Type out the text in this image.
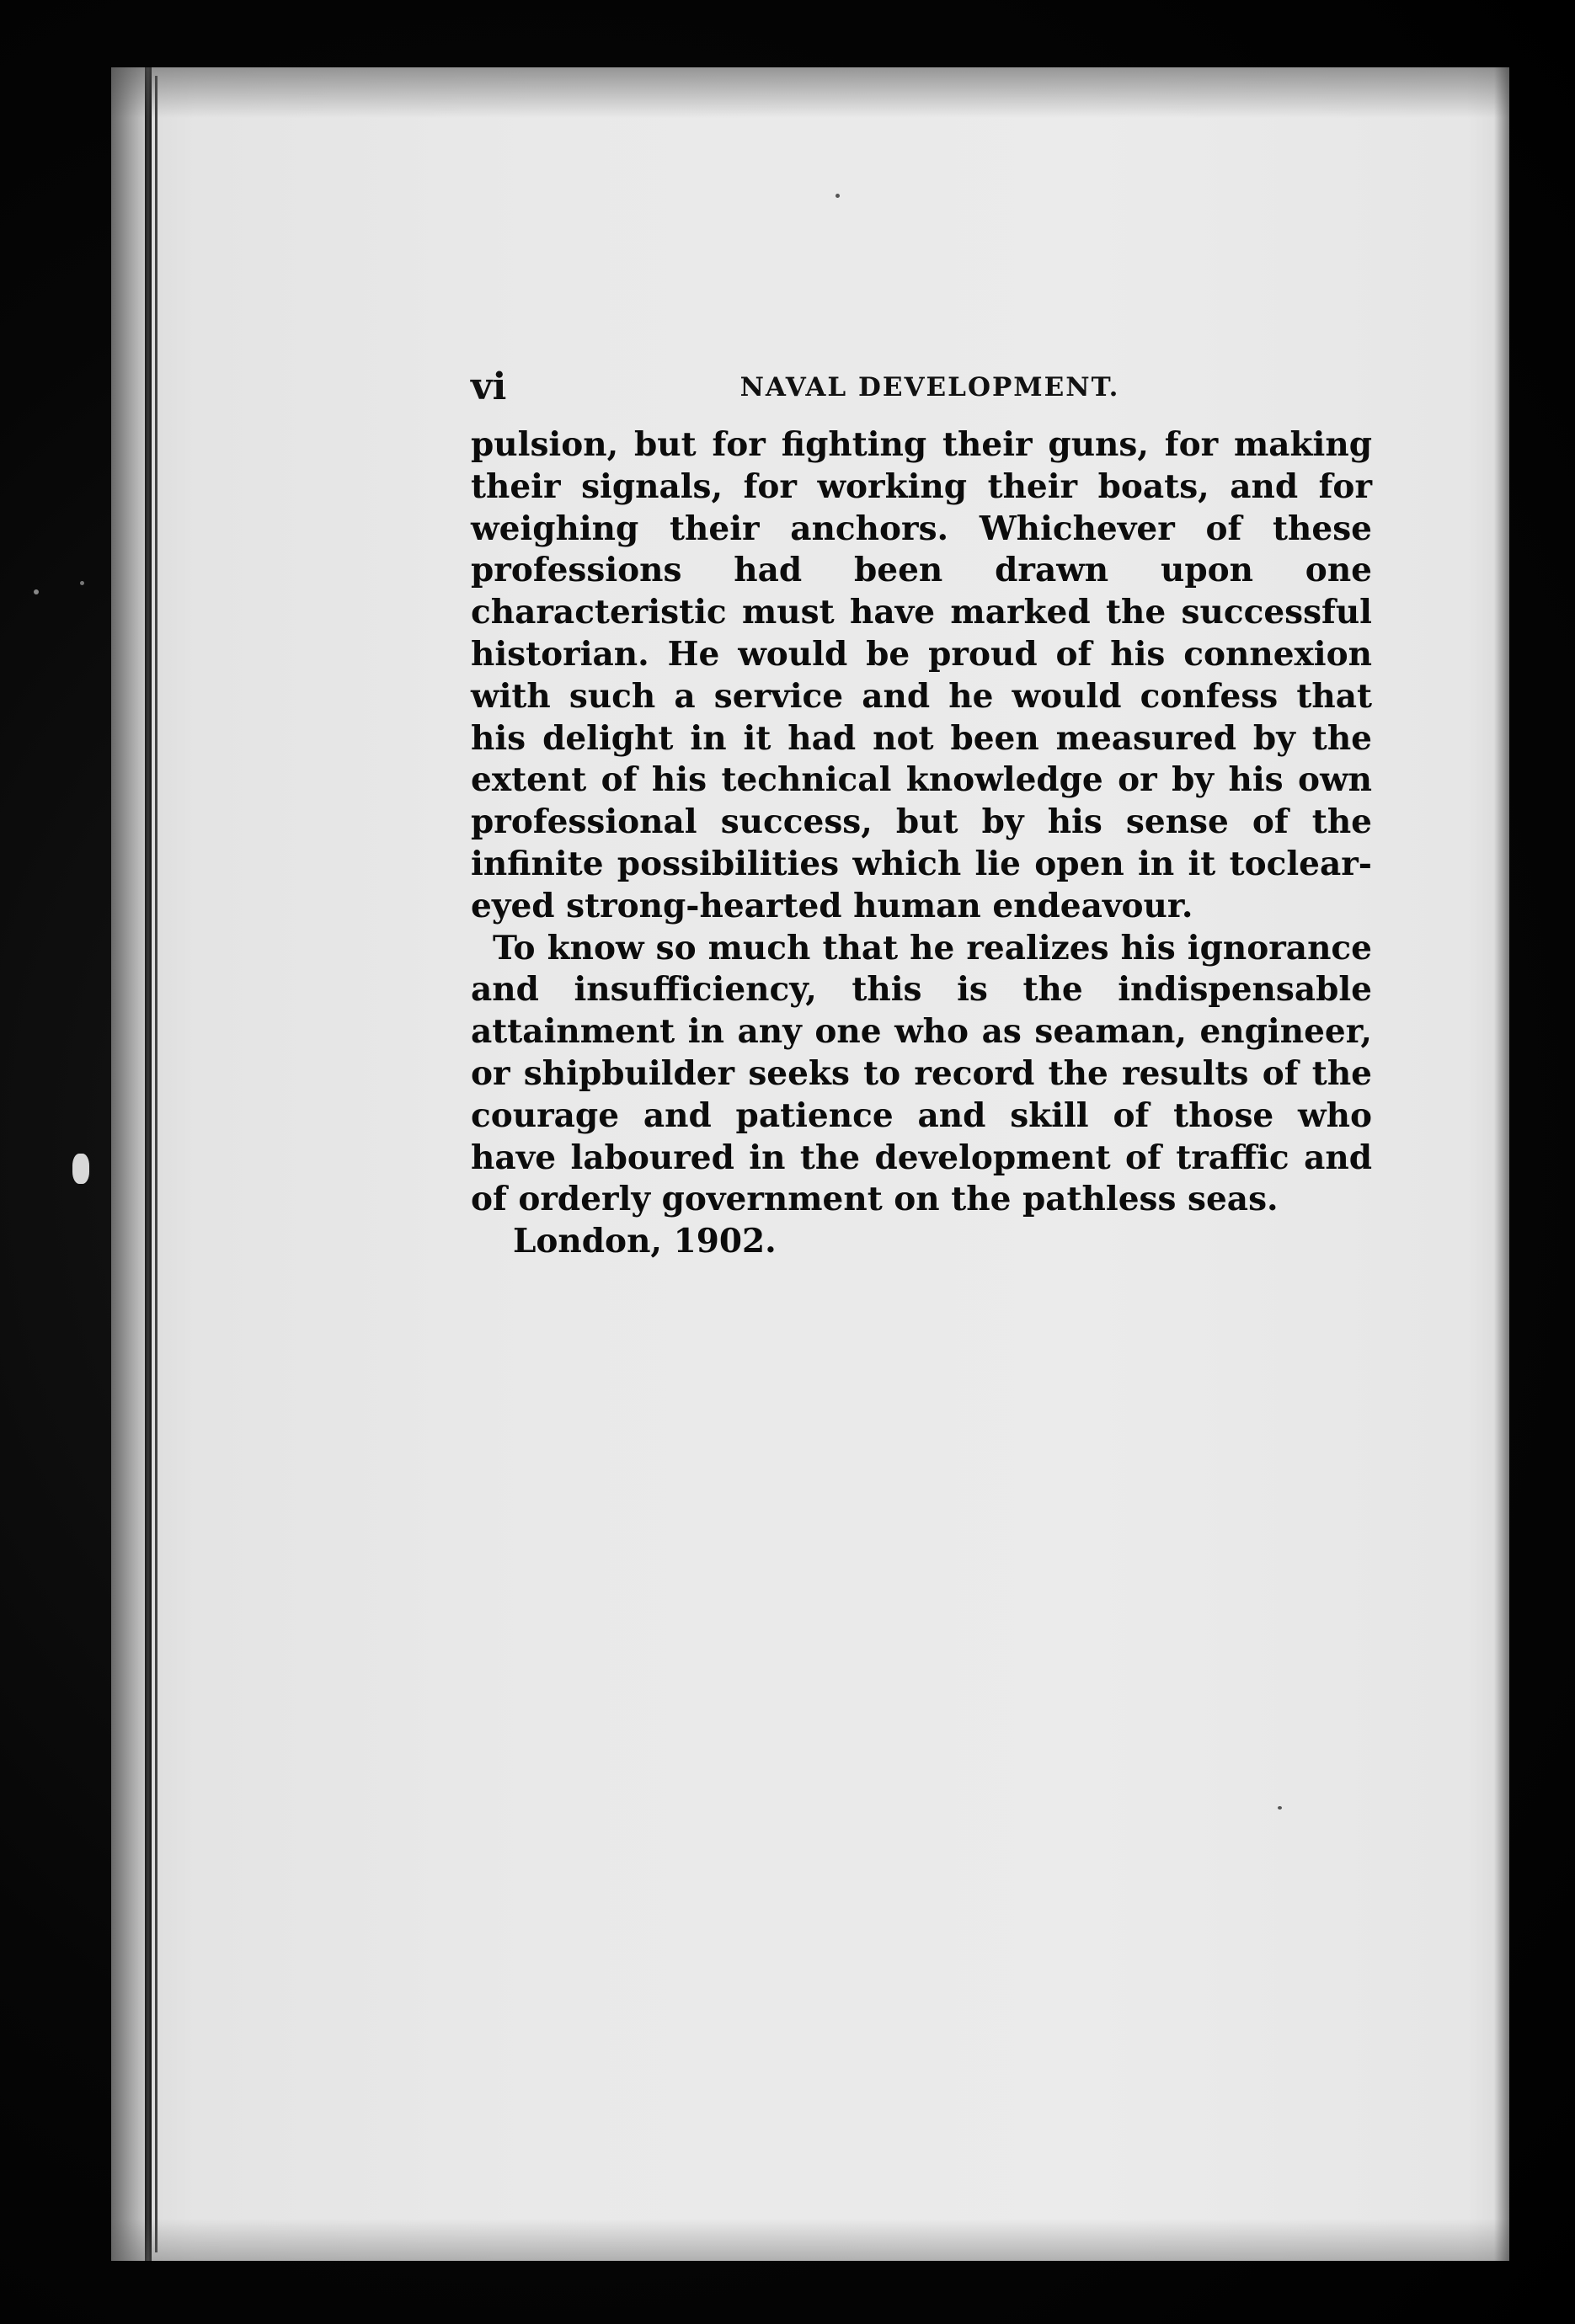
vi	NAVAL DEVELOPMENT.

pulsion, but for fighting their guns, for making their signals, for working their boats, and for weighing their anchors. Whichever of these professions had been drawn upon one characteristic must have marked the successful historian. He would be proud of his connexion with such a service and he would confess that his delight in it had not been measured by the extent of his technical knowledge or by his own professional success, but by his sense of the infinite possibilities which lie open in it toclear-eyed strong-hearted human endeavour.

To know so much that he realizes his ignorance and insufficiency, this is the indispensable attainment in any one who as seaman, engineer, or shipbuilder seeks to record the results of the courage and patience and skill of those who have laboured in the development of traffic and of orderly government on the pathless seas.

London, 1902.
